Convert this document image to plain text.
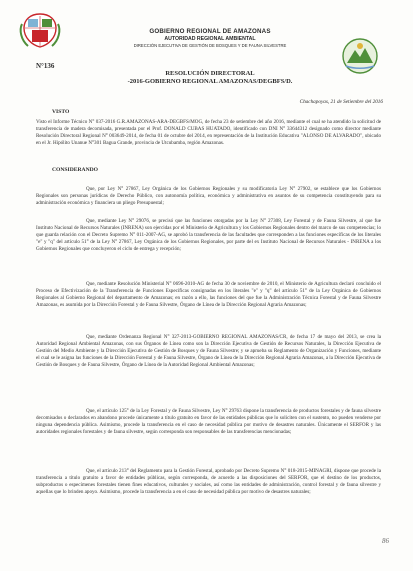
GOBIERNO REGIONAL DE AMAZONAS
AUTORIDAD REGIONAL AMBIENTAL
DIRECCIÓN EJECUTIVA DE GESTIÓN DE BOSQUES Y DE FAUNA SILVESTRE
N°136
RESOLUCIÓN DIRECTORAL
-2016-GOBIERNO REGIONAL AMAZONAS/DEGBFS/D.
Chachapoyas, 21 de Setiembre del 2016
VISTO
Visto el Informe Técnico N° 037-2016 G.R.AMAZONAS-ARA-DEGBFS/MOG, de fecha 23 de setiembre del año 2016, mediante el cual se ha atendido la solicitud de transferencia de madera decomisada, presentada por el Prof. DONALD CUBAS HUATADO, identificado con DNI N° 33644312 designado como director mediante Resolución Directoral Regional N° 003649-2014, de fecha 01 de octubre del 2014, en representación de la Institución Educativa "ALONSO DE ALVARADO", ubicado en el Jr. Hipólito Unanue N°301 Bagua Grande, provincia de Utcubamba, región Amazonas.
CONSIDERANDO
Que, por Ley N° 27867, Ley Orgánica de los Gobiernos Regionales y su modificatoria Ley N° 27902, se establece que los Gobiernos Regionales son personas jurídicas de Derecho Público, con autonomía política, económica y administrativa en asuntos de su competencia constituyendo para su administración económica y financiera un pliego Presupuestal;
Que, mediante Ley N° 29076, se precisó que las funciones otorgadas por la Ley N° 27308, Ley Forestal y de Fauna Silvestre, al que fue Instituto Nacional de Recursos Naturales (INRENA) son ejercidas por el Ministerio de Agricultura y los Gobiernos Regionales dentro del marco de sus competencias; lo que guarda relación con el Decreto Supremo N° 011-2007-AG, se aprobó la transferencia de las facultades que corresponden a las funciones específicas de los literales "e" y "q" del artículo 51° de la Ley N° 27867, Ley Orgánica de los Gobiernos Regionales, por parte del ex Instituto Nacional de Recursos Naturales - INRENA a los Gobiernos Regionales que concluyeron el ciclo de entrega y recepción;
Que, mediante Resolución Ministerial N° 0696-2010-AG de fecha 30 de noviembre de 2010, el Ministerio de Agricultura declaró concluido el Proceso de Efectivización de la Transferencia de Funciones Específicas consignadas en los literales "e" y "q" del artículo 51° de la Ley Orgánica de Gobiernos Regionales al Gobierno Regional del departamento de Amazonas; en razón a ello, las funciones del que fue la Administración Técnica Forestal y de Fauna Silvestre Amazonas, es asumida por la Dirección Forestal y de Fauna Silvestre, Órgano de Línea de la Dirección Regional Agraria Amazonas;
Que, mediante Ordenanza Regional N° 327-2013-GOBIERNO REGIONAL AMAZONAS/CR, de fecha 17 de mayo del 2013, se crea la Autoridad Regional Ambiental Amazonas, con sus Órganos de Línea como son la Dirección Ejecutiva de Gestión de Recursos Naturales, la Dirección Ejecutiva de Gestión del Medio Ambiente y la Dirección Ejecutiva de Gestión de Bosques y de Fauna Silvestre; y se aprueba su Reglamento de Organización y Funciones, mediante el cual se le asigna las funciones de la Dirección Forestal y de Fauna Silvestre, Órgano de Línea de la Dirección Regional Agraria Amazonas, a la Dirección Ejecutiva de Gestión de Bosques y de Fauna Silvestre, Órgano de Línea de la Autoridad Regional Ambiental Amazonas;
Que, el artículo 125° de la Ley Forestal y de Fauna Silvestre, Ley N° 29763 dispone la transferencia de productos forestales y de fauna silvestre decomisados o declarados en abandono procede únicamente a título gratuito en favor de las entidades públicas que lo soliciten con el sustento, no pueden venderse por ninguna dependencia pública. Asimismo, procede la transferencia en el caso de necesidad pública por motivo de desastres naturales. Únicamente el SERFOR y las autoridades regionales forestales y de fauna silvestre, según corresponda son responsables de las transferencias mencionadas;
Que, el artículo 213° del Reglamento para la Gestión Forestal, aprobado por Decreto Supremo N° 018-2015-MINAGRI, dispone que procede la transferencia a título gratuito a favor de entidades públicas, según corresponda, de acuerdo a las disposiciones del SERFOR, que el destino de los productos, subproductos o especímenes forestales tienen fines educativos, culturales y sociales, así como las entidades de administración, control forestal y de fauna silvestre y aquellas que lo brinden apoyo. Asimismo, procede la transferencia a en el caso de necesidad pública por motivo de desastres naturales;
86
